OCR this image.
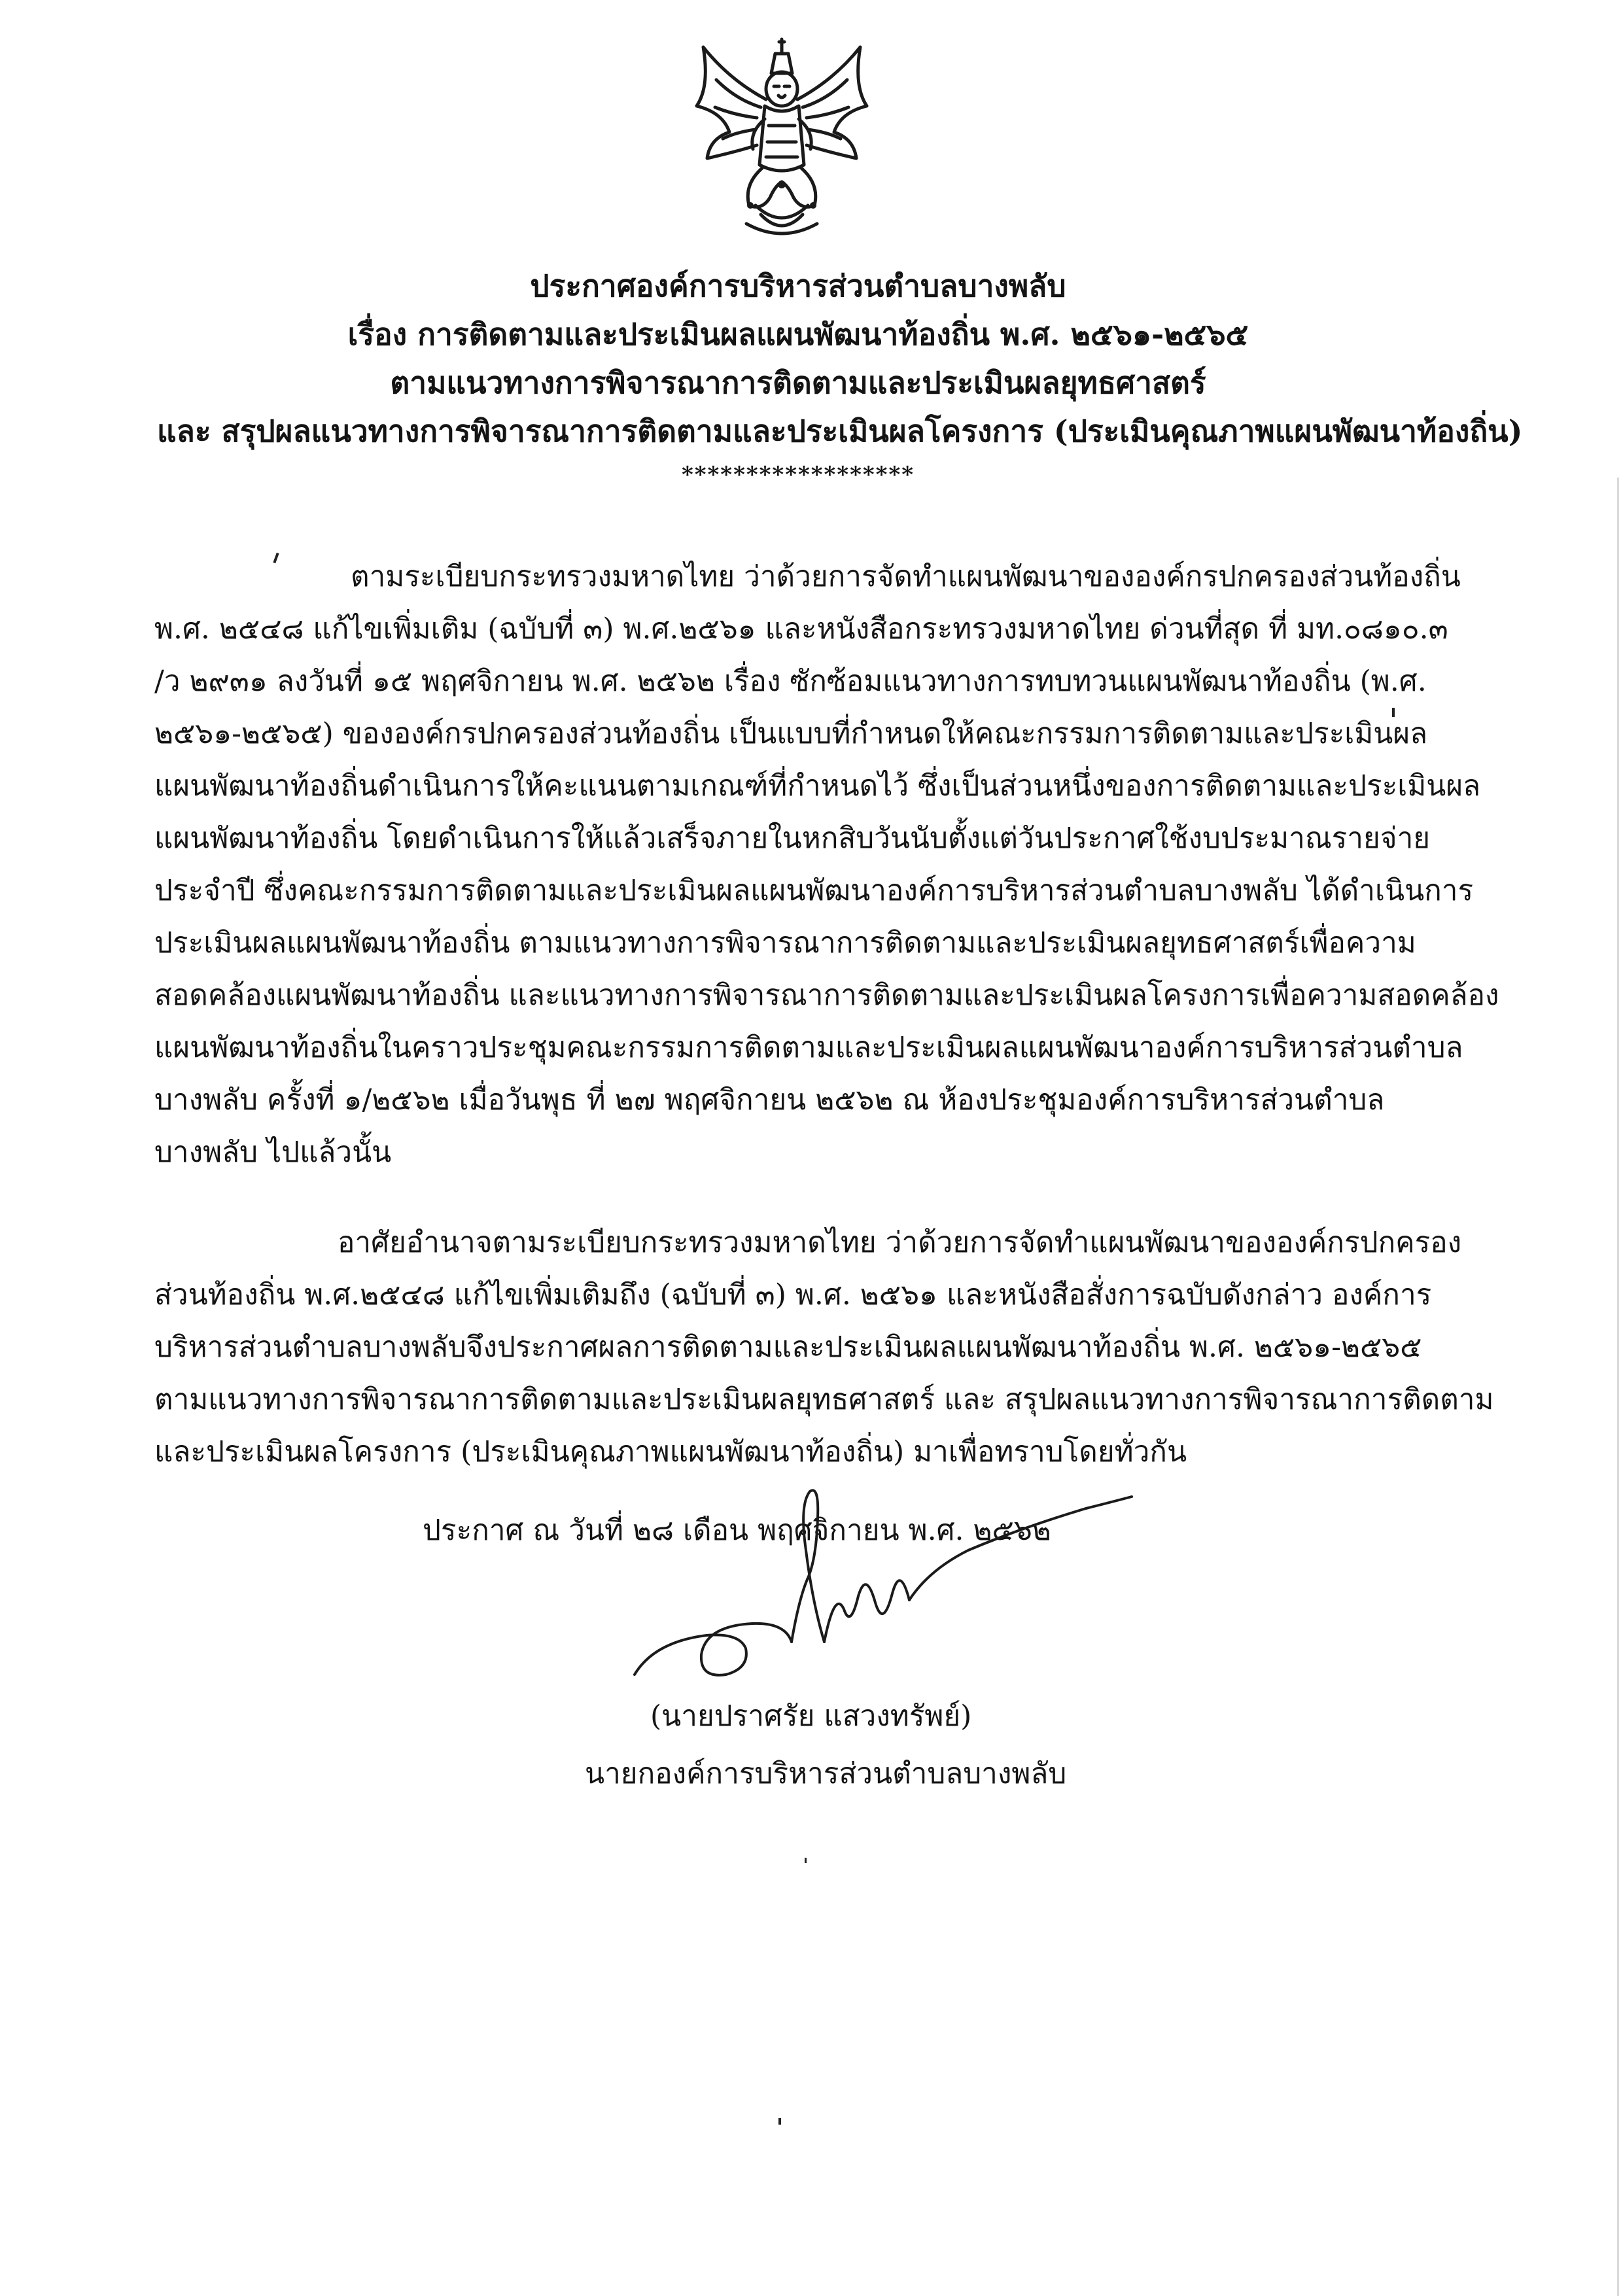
ประกาศองค์การบริหารส่วนตำบลบางพลับ
เรื่อง การติดตามและประเมินผลแผนพัฒนาท้องถิ่น พ.ศ. ๒๕๖๑-๒๕๖๕
ตามแนวทางการพิจารณาการติดตามและประเมินผลยุทธศาสตร์
และ สรุปผลแนวทางการพิจารณาการติดตามและประเมินผลโครงการ (ประเมินคุณภาพแผนพัฒนาท้องถิ่น)
******************

ตามระเบียบกระทรวงมหาดไทย ว่าด้วยการจัดทำแผนพัฒนาขององค์กรปกครองส่วนท้องถิ่น

พ.ศ. ๒๕๔๘ แก้ไขเพิ่มเติม (ฉบับที่ ๓) พ.ศ.๒๕๖๑ และหนังสือกระทรวงมหาดไทย ด่วนที่สุด ที่ มท.๐๘๑๐.๓

/ว ๒๙๓๑ ลงวันที่ ๑๕ พฤศจิกายน พ.ศ. ๒๕๖๒ เรื่อง ซักซ้อมแนวทางการทบทวนแผนพัฒนาท้องถิ่น (พ.ศ.

๒๕๖๑-๒๕๖๕) ขององค์กรปกครองส่วนท้องถิ่น เป็นแบบที่กำหนดให้คณะกรรมการติดตามและประเมินผล

แผนพัฒนาท้องถิ่นดำเนินการให้คะแนนตามเกณฑ์ที่กำหนดไว้ ซึ่งเป็นส่วนหนึ่งของการติดตามและประเมินผล

แผนพัฒนาท้องถิ่น โดยดำเนินการให้แล้วเสร็จภายในหกสิบวันนับตั้งแต่วันประกาศใช้งบประมาณรายจ่าย

ประจำปี ซึ่งคณะกรรมการติดตามและประเมินผลแผนพัฒนาองค์การบริหารส่วนตำบลบางพลับ ได้ดำเนินการ

ประเมินผลแผนพัฒนาท้องถิ่น ตามแนวทางการพิจารณาการติดตามและประเมินผลยุทธศาสตร์เพื่อความ

สอดคล้องแผนพัฒนาท้องถิ่น และแนวทางการพิจารณาการติดตามและประเมินผลโครงการเพื่อความสอดคล้อง

แผนพัฒนาท้องถิ่นในคราวประชุมคณะกรรมการติดตามและประเมินผลแผนพัฒนาองค์การบริหารส่วนตำบล

บางพลับ ครั้งที่ ๑/๒๕๖๒ เมื่อวันพุธ ที่ ๒๗ พฤศจิกายน ๒๕๖๒ ณ ห้องประชุมองค์การบริหารส่วนตำบล

บางพลับ ไปแล้วนั้น

อาศัยอำนาจตามระเบียบกระทรวงมหาดไทย ว่าด้วยการจัดทำแผนพัฒนาขององค์กรปกครอง

ส่วนท้องถิ่น พ.ศ.๒๕๔๘ แก้ไขเพิ่มเติมถึง (ฉบับที่ ๓) พ.ศ. ๒๕๖๑ และหนังสือสั่งการฉบับดังกล่าว องค์การ

บริหารส่วนตำบลบางพลับจึงประกาศผลการติดตามและประเมินผลแผนพัฒนาท้องถิ่น พ.ศ. ๒๕๖๑-๒๕๖๕

ตามแนวทางการพิจารณาการติดตามและประเมินผลยุทธศาสตร์ และ สรุปผลแนวทางการพิจารณาการติดตาม

และประเมินผลโครงการ (ประเมินคุณภาพแผนพัฒนาท้องถิ่น) มาเพื่อทราบโดยทั่วกัน

ประกาศ ณ วันที่ ๒๘ เดือน พฤศจิกายน พ.ศ. ๒๕๖๒
(นายปราศรัย แสวงทรัพย์)
นายกองค์การบริหารส่วนตำบลบางพลับ
